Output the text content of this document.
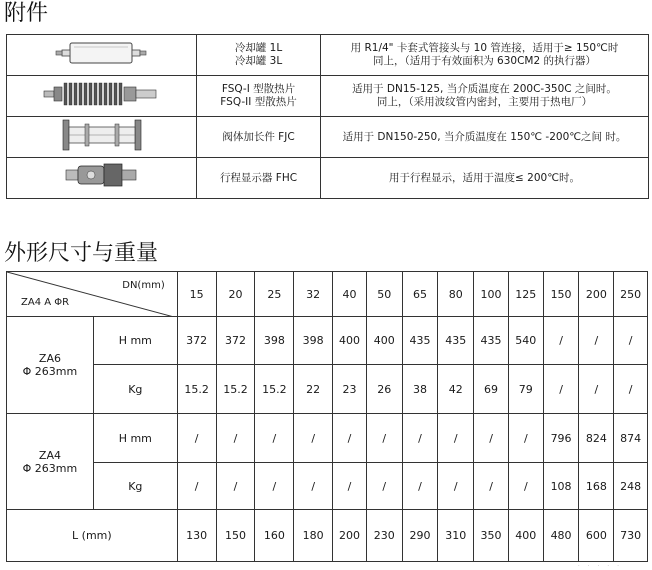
附件

冷却罐 1L
冷却罐 3L	用 R1/4" 卡套式管接头与 10 管连接，适用于≥ 150℃时
同上，（适用于有效面积为 630CM2 的执行器）

FSQ-I 型散热片
FSQ-II 型散热片	适用于 DN15-125, 当介质温度在 200C-350C 之间时。
同上，（采用波纹管内密封，主要用于热电厂）

阀体加长件 FJC	适用于 DN150-250, 当介质温度在 150℃ -200℃之间 时。

行程显示器 FHC	用于行程显示，适用于温度≤ 200℃时。
外形尺寸与重量
DN(mm)
ZA4 A ΦR		15	20	25	32	40	50	65	80	100	125	150	200	250

ZA6
Φ 263mm	H mm	372	372	398	398	400	400	435	435	435	540	/	/	/
	Kg	15.2	15.2	15.2	22	23	26	38	42	69	79	/	/	/

ZA4
Φ 263mm	H mm	/	/	/	/	/	/	/	/	/	/	796	824	874
	Kg	/	/	/	/	/	/	/	/	/	/	108	168	248
L (mm)		130	150	160	180	200	230	290	310	350	400	480	600	730
· · · · ·
